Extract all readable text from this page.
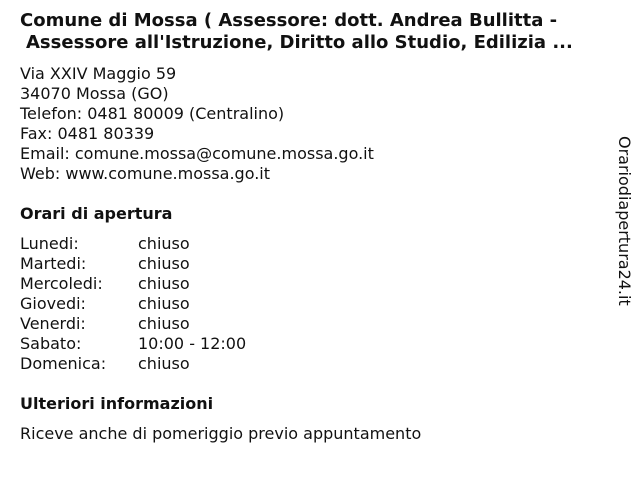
Comune di Mossa ( Assessore: dott. Andrea Bullitta -
Assessore all'Istruzione, Diritto allo Studio, Edilizia ...
Via XXIV Maggio 59
34070 Mossa (GO)
Telefon: 0481 80009 (Centralino)
Fax: 0481 80339
Email: comune.mossa@comune.mossa.go.it
Web: www.comune.mossa.go.it
Orari di apertura
Lunedi:	chiuso
Martedi:	chiuso
Mercoledi:	chiuso
Giovedi:	chiuso
Venerdi:	chiuso
Sabato:	10:00 - 12:00
Domenica:	chiuso
Ulteriori informazioni
Riceve anche di pomeriggio previo appuntamento
Orariodiapertura24.it
